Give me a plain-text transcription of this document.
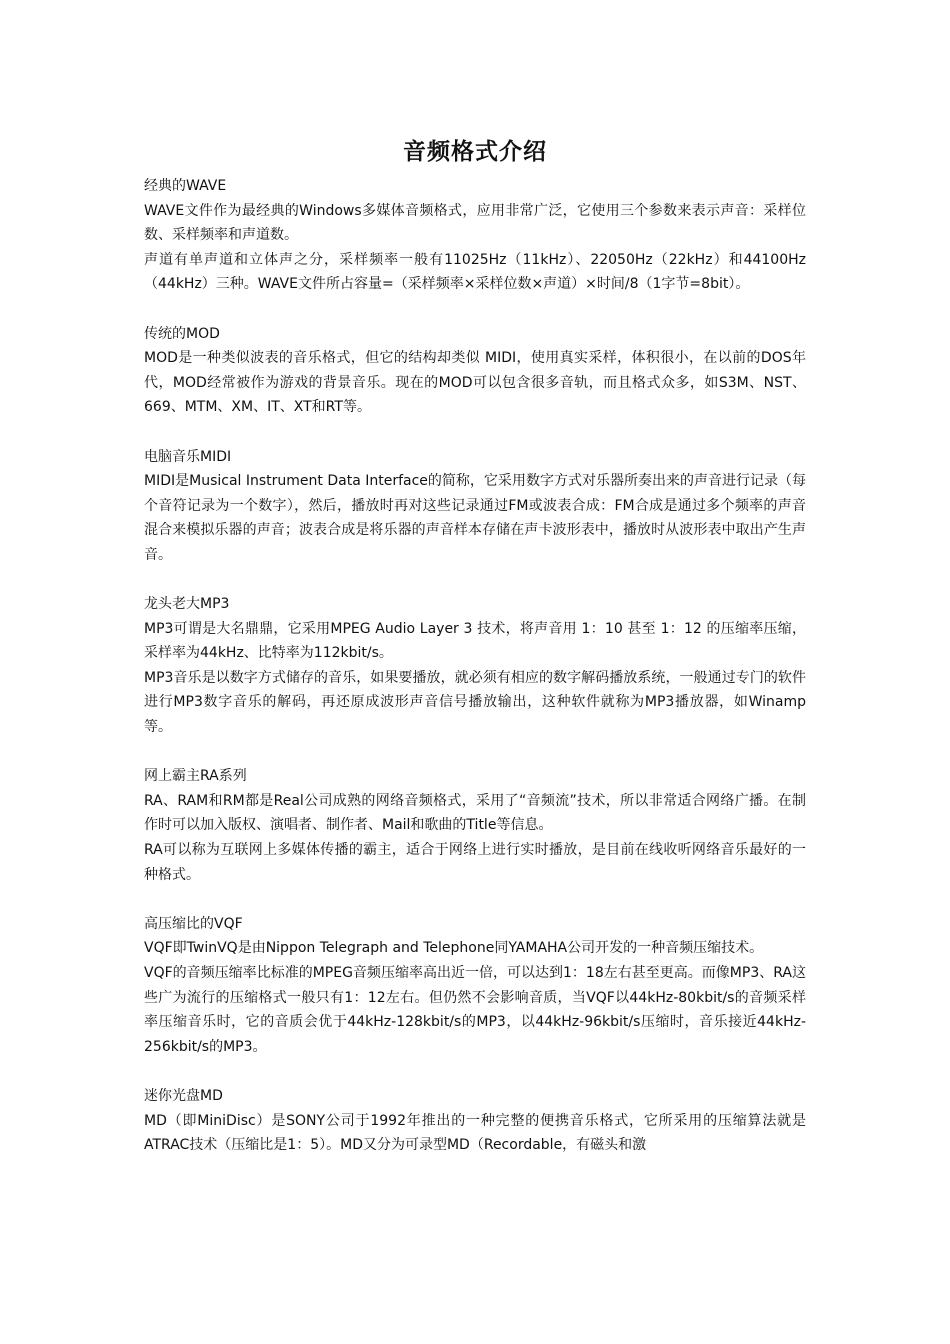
音频格式介绍

经典的WAVE

WAVE文件作为最经典的Windows多媒体音频格式，应用非常广泛，它使用三个参数来表示声音：采样位数、采样频率和声道数。

声道有单声道和立体声之分，采样频率一般有11025Hz（11kHz）、22050Hz（22kHz）和44100Hz（44kHz）三种。WAVE文件所占容量=（采样频率×采样位数×声道）×时间/8（1字节=8bit）。

传统的MOD

MOD是一种类似波表的音乐格式，但它的结构却类似 MIDI，使用真实采样，体积很小，在以前的DOS年代，MOD经常被作为游戏的背景音乐。现在的MOD可以包含很多音轨，而且格式众多，如S3M、NST、669、MTM、XM、IT、XT和RT等。

电脑音乐MIDI

MIDI是Musical Instrument Data Interface的简称，它采用数字方式对乐器所奏出来的声音进行记录（每个音符记录为一个数字），然后，播放时再对这些记录通过FM或波表合成：FM合成是通过多个频率的声音混合来模拟乐器的声音；波表合成是将乐器的声音样本存储在声卡波形表中，播放时从波形表中取出产生声音。

龙头老大MP3

MP3可谓是大名鼎鼎，它采用MPEG Audio Layer 3 技术，将声音用 1：10 甚至 1：12 的压缩率压缩，采样率为44kHz、比特率为112kbit/s。

MP3音乐是以数字方式储存的音乐，如果要播放，就必须有相应的数字解码播放系统，一般通过专门的软件进行MP3数字音乐的解码，再还原成波形声音信号播放输出，这种软件就称为MP3播放器，如Winamp等。

网上霸主RA系列

RA、RAM和RM都是Real公司成熟的网络音频格式，采用了“音频流”技术，所以非常适合网络广播。在制作时可以加入版权、演唱者、制作者、Mail和歌曲的Title等信息。

RA可以称为互联网上多媒体传播的霸主，适合于网络上进行实时播放，是目前在线收听网络音乐最好的一种格式。

高压缩比的VQF

VQF即TwinVQ是由Nippon Telegraph and Telephone同YAMAHA公司开发的一种音频压缩技术。

VQF的音频压缩率比标准的MPEG音频压缩率高出近一倍，可以达到1：18左右甚至更高。而像MP3、RA这些广为流行的压缩格式一般只有1：12左右。但仍然不会影响音质，当VQF以44kHz-80kbit/s的音频采样率压缩音乐时，它的音质会优于44kHz-128kbit/s的MP3，以44kHz-96kbit/s压缩时，音乐接近44kHz-256kbit/s的MP3。

迷你光盘MD

MD（即MiniDisc）是SONY公司于1992年推出的一种完整的便携音乐格式，它所采用的压缩算法就是ATRAC技术（压缩比是1：5）。MD又分为可录型MD（Recordable，有磁头和激
